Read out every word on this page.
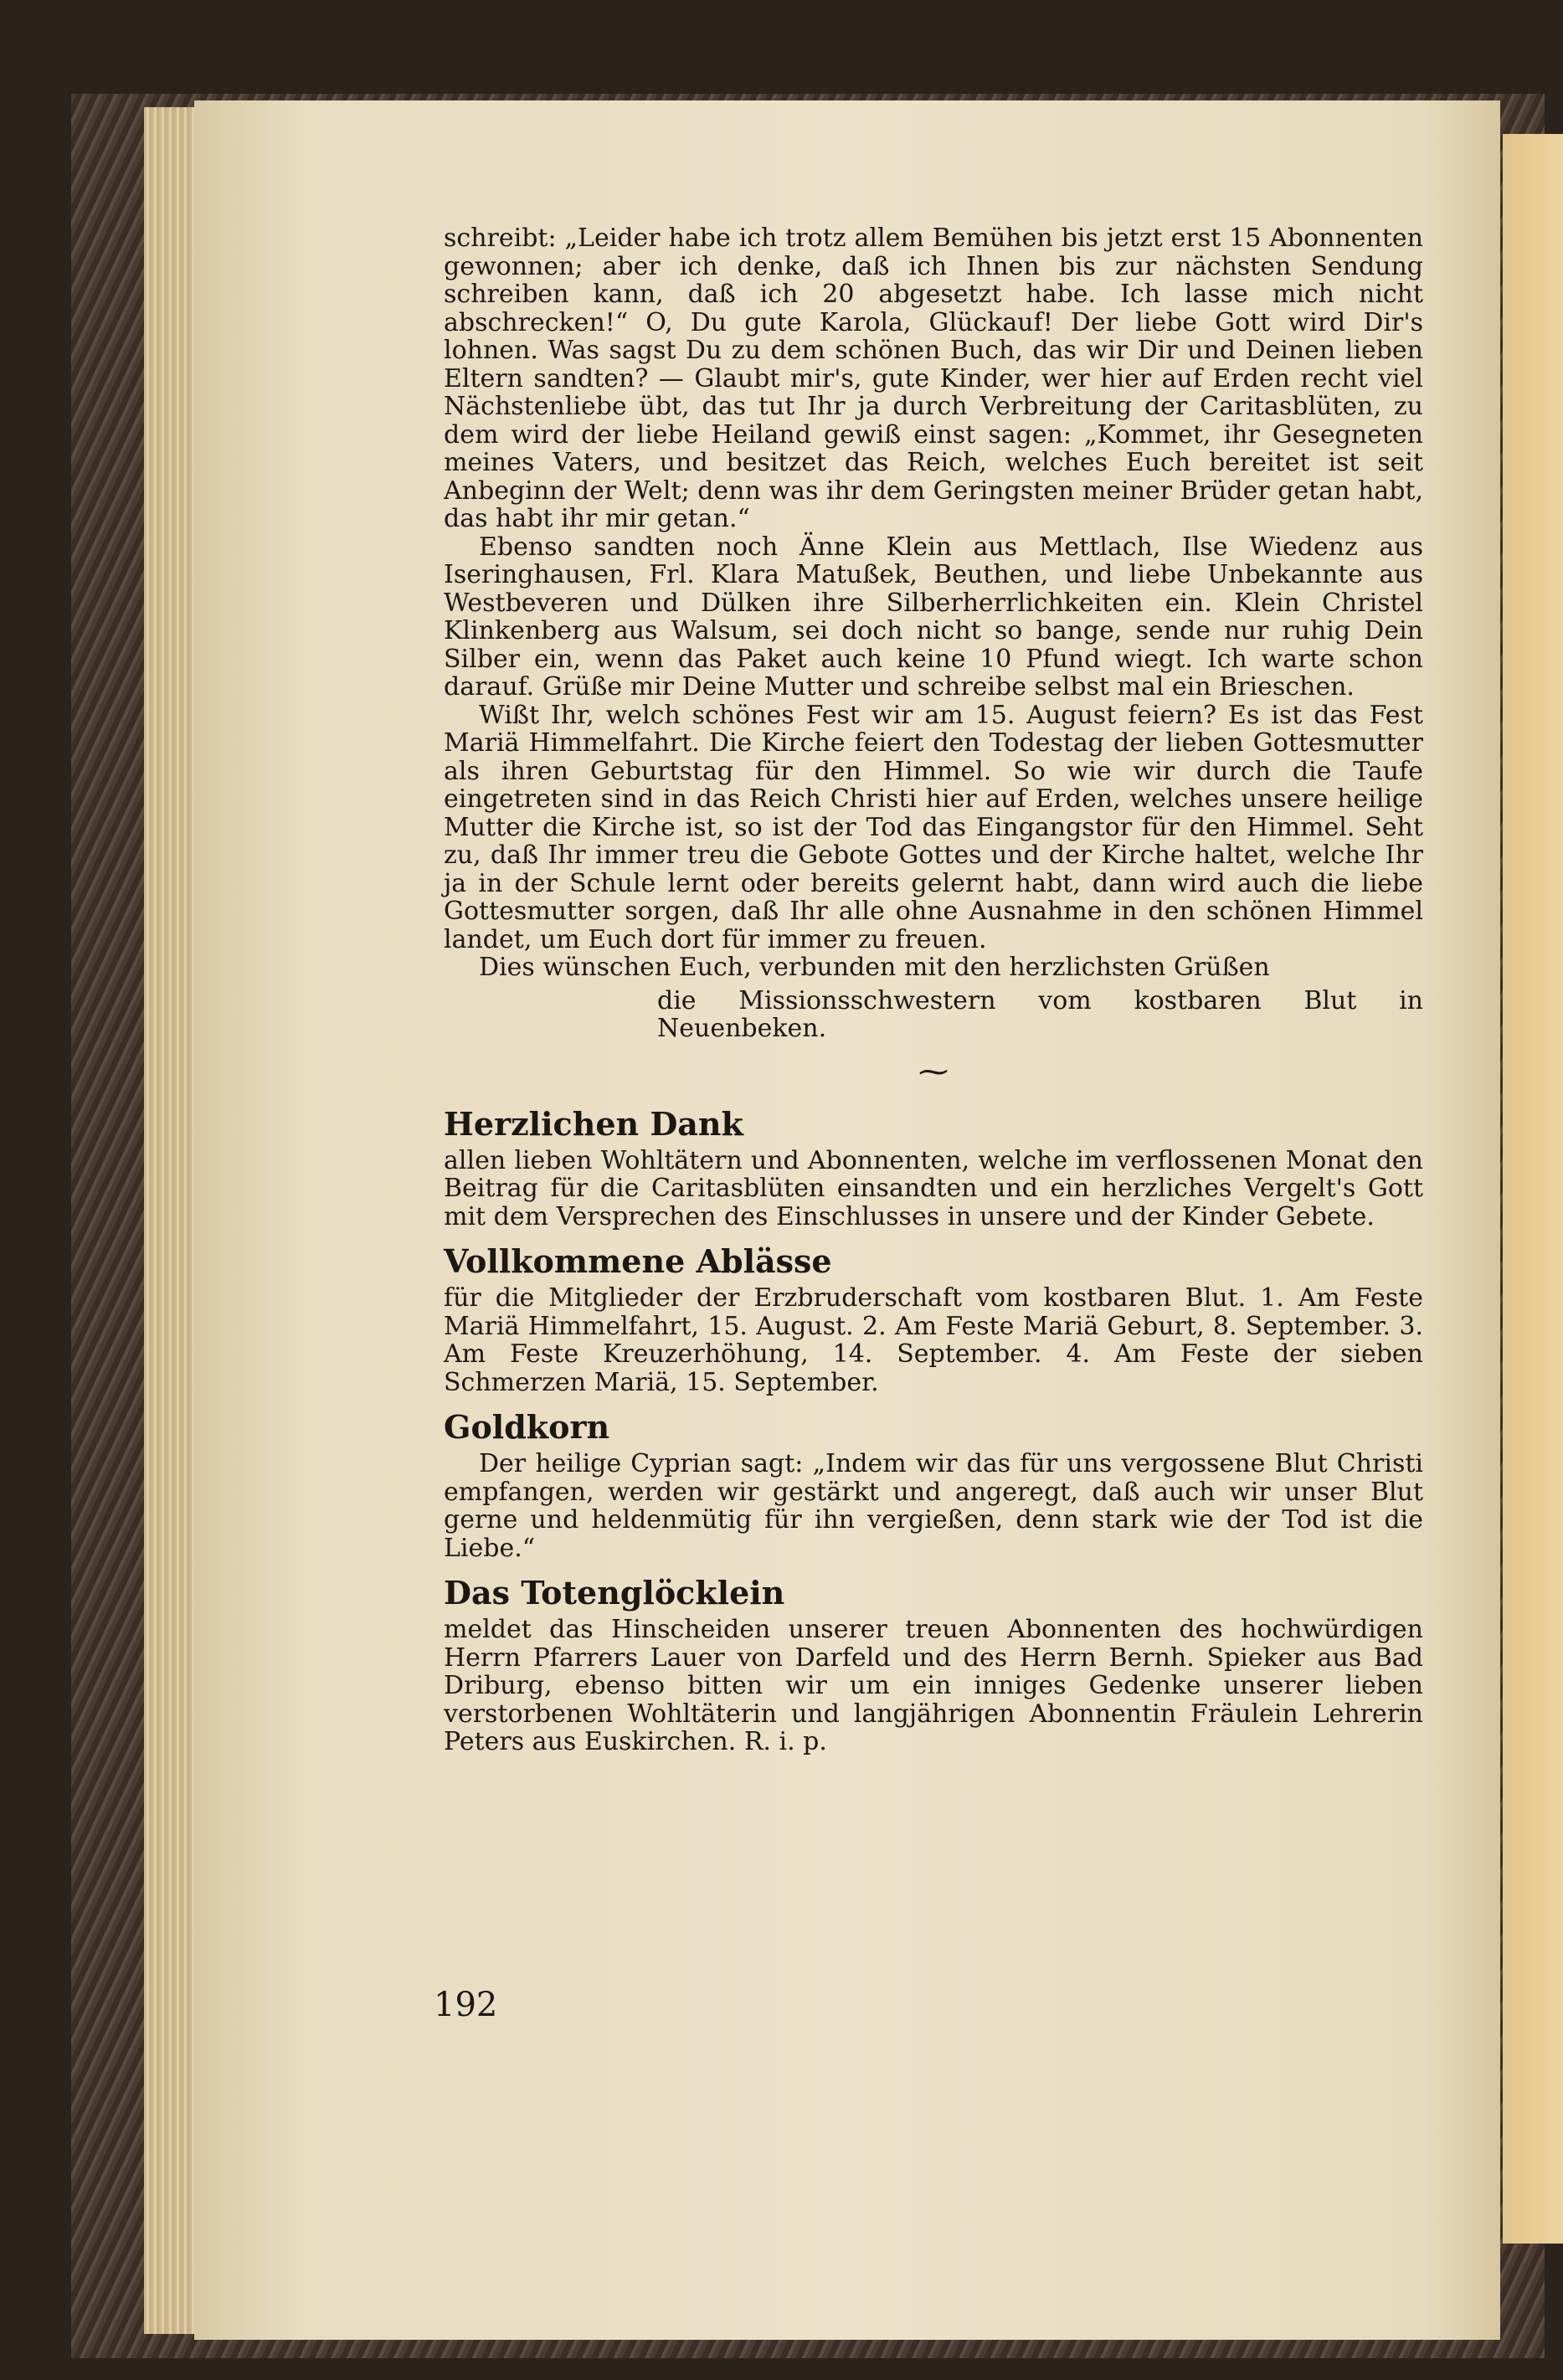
schreibt: „Leider habe ich trotz allem Bemühen bis jetzt erst 15 Abonnenten gewonnen; aber ich denke, daß ich Ihnen bis zur nächsten Sendung schreiben kann, daß ich 20 abgesetzt habe. Ich lasse mich nicht abschrecken!“ O, Du gute Karola, Glückauf! Der liebe Gott wird Dir's lohnen. Was sagst Du zu dem schönen Buch, das wir Dir und Deinen lieben Eltern sandten? — Glaubt mir's, gute Kinder, wer hier auf Erden recht viel Nächstenliebe übt, das tut Ihr ja durch Verbreitung der Caritasblüten, zu dem wird der liebe Heiland gewiß einst sagen: „Kommet, ihr Gesegneten meines Vaters, und besitzet das Reich, welches Euch bereitet ist seit Anbeginn der Welt; denn was ihr dem Geringsten meiner Brüder getan habt, das habt ihr mir getan.“

Ebenso sandten noch Änne Klein aus Mettlach, Ilse Wiedenz aus Iseringhausen, Frl. Klara Matußek, Beuthen, und liebe Unbekannte aus Westbeveren und Dülken ihre Silberherrlichkeiten ein. Klein Christel Klinkenberg aus Walsum, sei doch nicht so bange, sende nur ruhig Dein Silber ein, wenn das Paket auch keine 10 Pfund wiegt. Ich warte schon darauf. Grüße mir Deine Mutter und schreibe selbst mal ein Brieschen.

Wißt Ihr, welch schönes Fest wir am 15. August feiern? Es ist das Fest Mariä Himmelfahrt. Die Kirche feiert den Todestag der lieben Gottesmutter als ihren Geburtstag für den Himmel. So wie wir durch die Taufe eingetreten sind in das Reich Christi hier auf Erden, welches unsere heilige Mutter die Kirche ist, so ist der Tod das Eingangstor für den Himmel. Seht zu, daß Ihr immer treu die Gebote Gottes und der Kirche haltet, welche Ihr ja in der Schule lernt oder bereits gelernt habt, dann wird auch die liebe Gottesmutter sorgen, daß Ihr alle ohne Ausnahme in den schönen Himmel landet, um Euch dort für immer zu freuen.

Dies wünschen Euch, verbunden mit den herzlichsten Grüßen

die Missionsschwestern vom kostbaren Blut in Neuenbeken.

⁓
Herzlichen Dank

allen lieben Wohltätern und Abonnenten, welche im verflossenen Monat den Beitrag für die Caritasblüten einsandten und ein herzliches Vergelt's Gott mit dem Versprechen des Einschlusses in unsere und der Kinder Gebete.

Vollkommene Ablässe

für die Mitglieder der Erzbruderschaft vom kostbaren Blut. 1. Am Feste Mariä Himmelfahrt, 15. August. 2. Am Feste Mariä Geburt, 8. September. 3. Am Feste Kreuzerhöhung, 14. September. 4. Am Feste der sieben Schmerzen Mariä, 15. September.

Goldkorn

Der heilige Cyprian sagt: „Indem wir das für uns vergossene Blut Christi empfangen, werden wir gestärkt und angeregt, daß auch wir unser Blut gerne und heldenmütig für ihn vergießen, denn stark wie der Tod ist die Liebe.“

Das Totenglöcklein

meldet das Hinscheiden unserer treuen Abonnenten des hochwürdigen Herrn Pfarrers Lauer von Darfeld und des Herrn Bernh. Spieker aus Bad Driburg, ebenso bitten wir um ein inniges Gedenke unserer lieben verstorbenen Wohltäterin und langjährigen Abonnentin Fräulein Lehrerin Peters aus Euskirchen. R. i. p.

192
